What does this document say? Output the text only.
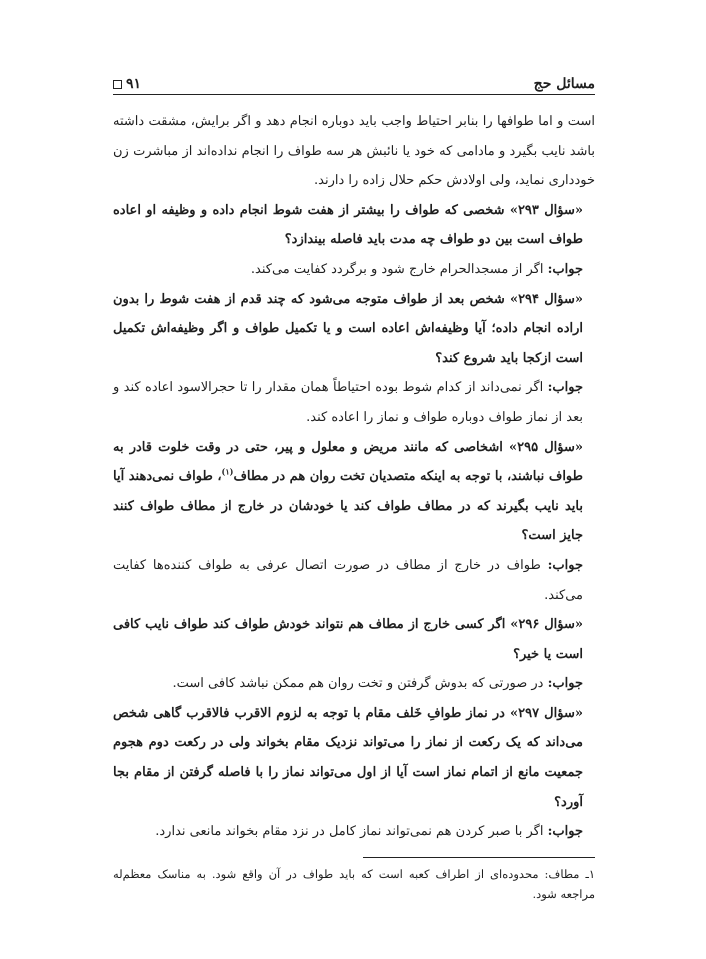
مسائل حج
۹۱

است و اما طوافها را بنابر احتیاط واجب باید دوباره انجام دهد و اگر برایش، مشقت داشته باشد نایب بگیرد و مادامی که خود یا نائبش هر سه طواف را انجام نداده‌اند از مباشرت زن خودداری نماید، ولی اولادش حکم حلال زاده را دارند.

«سؤال ۲۹۳» شخصی که طواف را بیشتر از هفت شوط انجام داده و وظیفه او اعاده طواف است بین دو طواف چه مدت باید فاصله بیندازد؟

جواب: اگر از مسجدالحرام خارج شود و برگردد کفایت می‌کند.

«سؤال ۲۹۴» شخص بعد از طواف متوجه می‌شود که چند قدم از هفت شوط را بدون اراده انجام داده؛ آیا وظیفه‌اش اعاده است و یا تکمیل طواف و اگر وظیفه‌اش تکمیل است ازکجا باید شروع کند؟

جواب: اگر نمی‌داند از کدام شوط بوده احتیاطاً همان مقدار را تا حجرالاسود اعاده کند و بعد از نماز طواف دوباره طواف و نماز را اعاده کند.

«سؤال ۲۹۵» اشخاصی که مانند مریض و معلول و پیر، حتی در وقت خلوت قادر به طواف نباشند، با توجه به اینکه متصدیان تخت روان هم در مطاف$^{(۱)}$، طواف نمی‌دهند آیا باید نایب بگیرند که در مطاف طواف کند یا خودشان در خارج از مطاف طواف کنند جایز است؟

جواب: طواف در خارج از مطاف در صورت اتصال عرفی به طواف کننده‌ها کفایت می‌کند.

«سؤال ۲۹۶» اگر کسی خارج از مطاف هم نتواند خودش طواف کند طواف نایب کافی است یا خیر؟

جواب: در صورتی که بدوش گرفتن و تخت روان هم ممکن نباشد کافی است.

«سؤال ۲۹۷» در نماز طوافِ خَلف مقام با توجه به لزوم الاقرب فالاقرب گاهی شخص می‌داند که یک رکعت از نماز را می‌تواند نزدیک مقام بخواند ولی در رکعت دوم هجوم جمعیت مانع از اتمام نماز است آیا از اول می‌تواند نماز را با فاصله گرفتن از مقام بجا آورد؟

جواب: اگر با صبر کردن هم نمی‌تواند نماز کامل در نزد مقام بخواند مانعی ندارد.

۱ـ مطاف: محدوده‌ای از اطراف کعبه است که باید طواف در آن واقع شود. به مناسک معظم‌له مراجعه شود.
